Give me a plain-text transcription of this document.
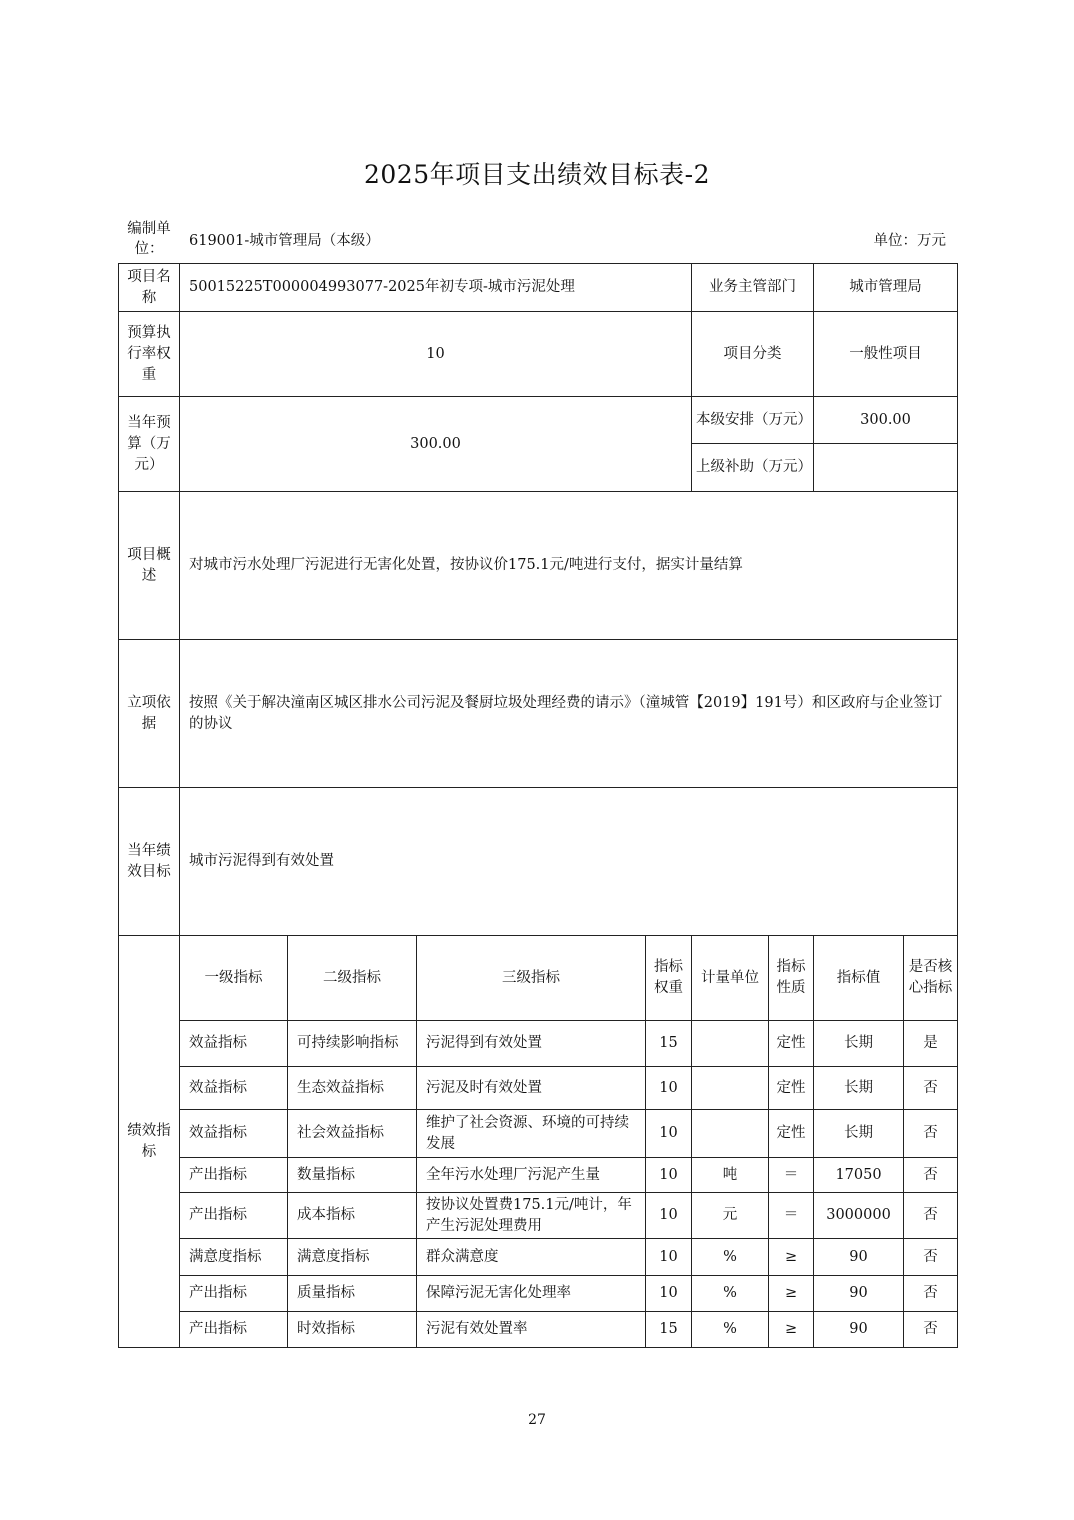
2025年项目支出绩效目标表-2
编制单位：	619001-城市管理局（本级）	单位：万元
项目名称	50015225T000004993077-2025年初专项-城市污泥处理				业务主管部门		城市管理局	
预算执行率权重	10				项目分类		一般性项目	
当年预算（万元）	300.00				本级安排（万元）		300.00	
					上级补助（万元）			
项目概述	对城市污水处理厂污泥进行无害化处置，按协议价175.1元/吨进行支付，据实计量结算							
立项依据	按照《关于解决潼南区城区排水公司污泥及餐厨垃圾处理经费的请示》（潼城管【2019】191号）和区政府与企业签订的协议							
当年绩效目标	城市污泥得到有效处置							
绩效指标	一级指标	二级指标	三级指标	指标权重	计量单位	指标性质	指标值	是否核心指标
	效益指标	可持续影响指标	污泥得到有效处置	15		定性	长期	是
	效益指标	生态效益指标	污泥及时有效处置	10		定性	长期	否
	效益指标	社会效益指标	维护了社会资源、环境的可持续发展	10		定性	长期	否
	产出指标	数量指标	全年污水处理厂污泥产生量	10	吨	＝	17050	否
	产出指标	成本指标	按协议处置费175.1元/吨计，年产生污泥处理费用	10	元	＝	3000000	否
	满意度指标	满意度指标	群众满意度	10	%	≥	90	否
	产出指标	质量指标	保障污泥无害化处理率	10	%	≥	90	否
	产出指标	时效指标	污泥有效处置率	15	%	≥	90	否
27
